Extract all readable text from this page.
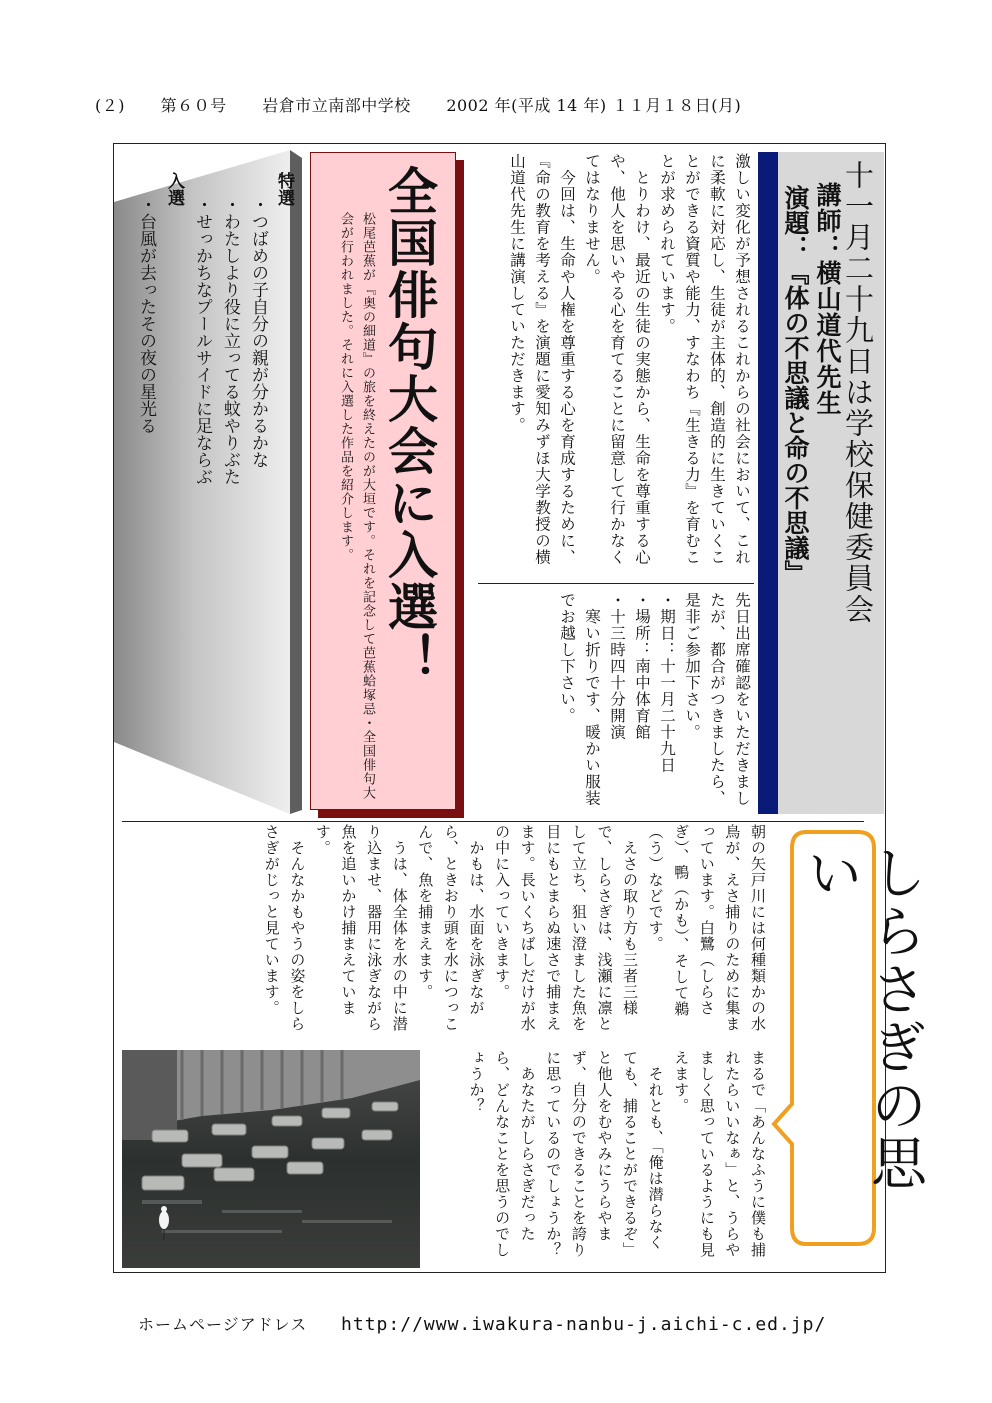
(２) 第６０号 岩倉市立南部中学校 2002 年(平成 14 年) １１月１８日(月)
十一月二十九日は学校保健委員会
講師：横山道代先生
演題：『体の不思議と命の不思議』
激しい変化が予想されるこれからの社会において、これに柔軟に対応し、生徒が主体的、創造的に生きていくことができる資質や能力、すなわち『生きる力』を育むことが求められています。
　とりわけ、最近の生徒の実態から、生命を尊重する心や、他人を思いやる心を育てることに留意して行かなくてはなりません。
　今回は、生命や人権を尊重する心を育成するために、『命の教育を考える』を演題に愛知みずほ大学教授の横山道代先生に講演していただきます。
先日出席確認をいただきましたが、都合がつきましたら、是非ご参加下さい。
・期日：十一月二十九日
・場所：南中体育館
・十三時四十分開演
　寒い折りです、暖かい服装でお越し下さい。
全国俳句大会に入選！
松尾芭蕉が『奥の細道』の旅を終えたのが大垣です。それを記念して芭蕉蛤塚忌・全国俳句大会が行われました。それに入選した作品を紹介します。
特選
・つばめの子自分の親が分かるかな
・わたしより役に立ってる蚊やりぶた
・せっかちなプールサイドに足ならぶ
入選
・台風が去ったその夜の星光る
しらさぎの思い
朝の矢戸川には何種類かの水鳥が、えさ捕りのために集まっています。白鷺（しらさぎ）、鴨（かも）、そして鵜（う）などです。
　えさの取り方も三者三様で、しらさぎは、浅瀬に凛として立ち、狙い澄ました魚を目にもとまらぬ速さで捕まえます。長いくちばしだけが水の中に入っていきます。
　かもは、水面を泳ぎながら、ときおり頭を水につっこんで、魚を捕まえます。
　うは、体全体を水の中に潜り込ませ、器用に泳ぎながら魚を追いかけ捕まえています。
　そんなかもやうの姿をしらさぎがじっと見ています。
まるで「あんなふうに僕も捕れたらいいなぁ」と、うらやましく思っているようにも見えます。
　それとも、「俺は潜らなくても、捕ることができるぞ」と他人をむやみにうらやまず、自分のできることを誇りに思っているのでしょうか？
　あなたがしらさぎだったら、どんなことを思うのでしょうか？
ホームページアドレス http://www.iwakura-nanbu-j.aichi-c.ed.jp/
